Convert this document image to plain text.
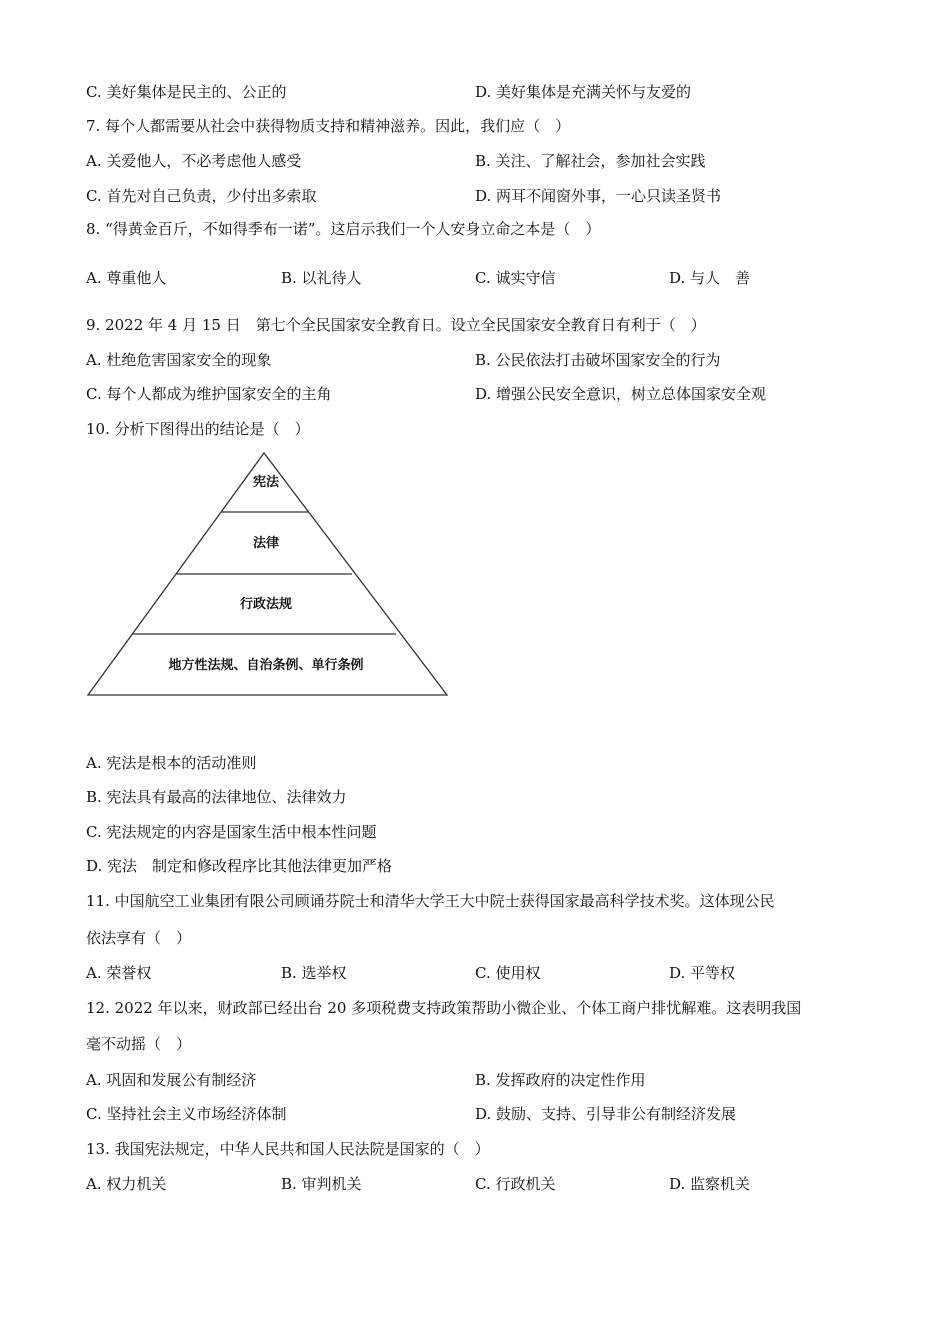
C. 美好集体是民主的、公正的	D. 美好集体是充满关怀与友爱的
7. 每个人都需要从社会中获得物质支持和精神滋养。因此，我们应（　）
A. 关爱他人，不必考虑他人感受	B. 关注、了解社会，参加社会实践
C. 首先对自己负责，少付出多索取	D. 两耳不闻窗外事，一心只读圣贤书
8. “得黄金百斤，不如得季布一诺”。这启示我们一个人安身立命之本是（　）
A. 尊重他人	B. 以礼待人	C. 诚实守信	D. 与人　善
9. 2022 年 4 月 15 日　第七个全民国家安全教育日。设立全民国家安全教育日有利于（　）
A. 杜绝危害国家安全的现象	B. 公民依法打击破坏国家安全的行为
C. 每个人都成为维护国家安全的主角	D. 增强公民安全意识，树立总体国家安全观
10. 分析下图得出的结论是（　）
宪法
法律
行政法规
地方性法规、自治条例、单行条例
A. 宪法是根本的活动准则
B. 宪法具有最高的法律地位、法律效力
C. 宪法规定的内容是国家生活中根本性问题
D. 宪法　制定和修改程序比其他法律更加严格
11. 中国航空工业集团有限公司顾诵芬院士和清华大学王大中院士获得国家最高科学技术奖。这体现公民
依法享有（　）
A. 荣誉权	B. 选举权	C. 使用权	D. 平等权
12. 2022 年以来，财政部已经出台 20 多项税费支持政策帮助小微企业、个体工商户排忧解难。这表明我国
毫不动摇（　）
A. 巩固和发展公有制经济	B. 发挥政府的决定性作用
C. 坚持社会主义市场经济体制	D. 鼓励、支持、引导非公有制经济发展
13. 我国宪法规定，中华人民共和国人民法院是国家的（　）
A. 权力机关	B. 审判机关	C. 行政机关	D. 监察机关
